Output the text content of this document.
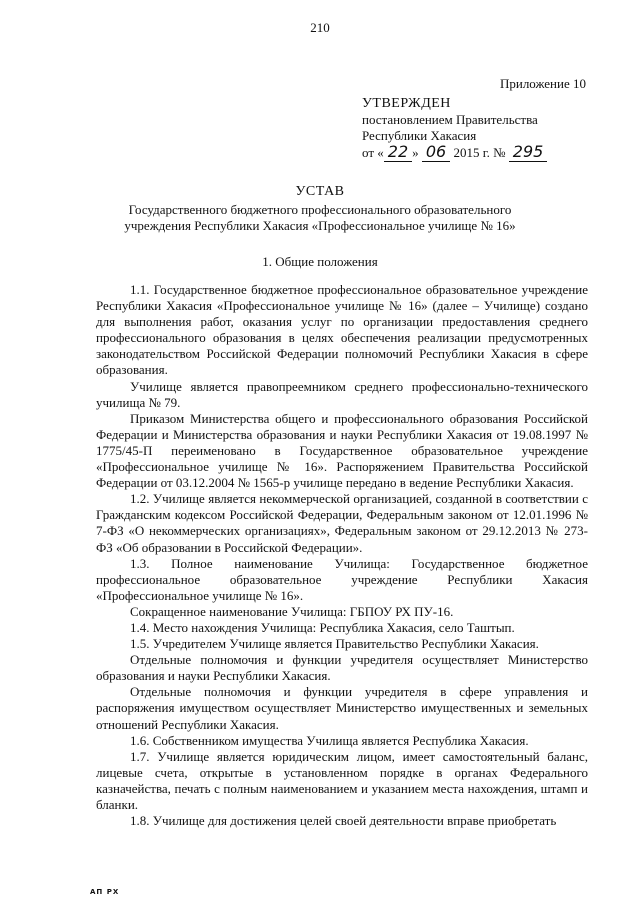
210
Приложение 10
УТВЕРЖДЕН
постановлением Правительства
Республики Хакасия
от « 22 » 06 2015 г. № 295
УСТАВ
Государственного бюджетного профессионального образовательного учреждения Республики Хакасия «Профессиональное училище № 16»
1. Общие положения

1.1. Государственное бюджетное профессиональное образовательное учреждение Республики Хакасия «Профессиональное училище № 16» (далее – Училище) создано для выполнения работ, оказания услуг по организации предоставления среднего профессионального образования в целях обеспечения реализации предусмотренных законодательством Российской Федерации полномочий Республики Хакасия в сфере образования.

Училище является правопреемником среднего профессионально-технического училища № 79.

Приказом Министерства общего и профессионального образования Российской Федерации и Министерства образования и науки Республики Хакасия от 19.08.1997 № 1775/45-П переименовано в Государственное образовательное учреждение «Профессиональное училище № 16». Распоряжением Правительства Российской Федерации от 03.12.2004 № 1565-р училище передано в ведение Республики Хакасия.

1.2. Училище является некоммерческой организацией, созданной в соответствии с Гражданским кодексом Российской Федерации, Федеральным законом от 12.01.1996 № 7-ФЗ «О некоммерческих организациях», Федеральным законом от 29.12.2013 № 273-ФЗ «Об образовании в Российской Федерации».

1.3. Полное наименование Училища: Государственное бюджетное профессиональное образовательное учреждение Республики Хакасия «Профессиональное училище № 16».

Сокращенное наименование Училища: ГБПОУ РХ ПУ-16.

1.4. Место нахождения Училища: Республика Хакасия, село Таштып.

1.5. Учредителем Училище является Правительство Республики Хакасия.

Отдельные полномочия и функции учредителя осуществляет Министерство образования и науки Республики Хакасия.

Отдельные полномочия и функции учредителя в сфере управления и распоряжения имуществом осуществляет Министерство имущественных и земельных отношений Республики Хакасия.

1.6. Собственником имущества Училища является Республика Хакасия.

1.7. Училище является юридическим лицом, имеет самостоятельный баланс, лицевые счета, открытые в установленном порядке в органах Федерального казначейства, печать с полным наименованием и указанием места нахождения, штамп и бланки.

1.8. Училище для достижения целей своей деятельности вправе приобретать

АП РХ
